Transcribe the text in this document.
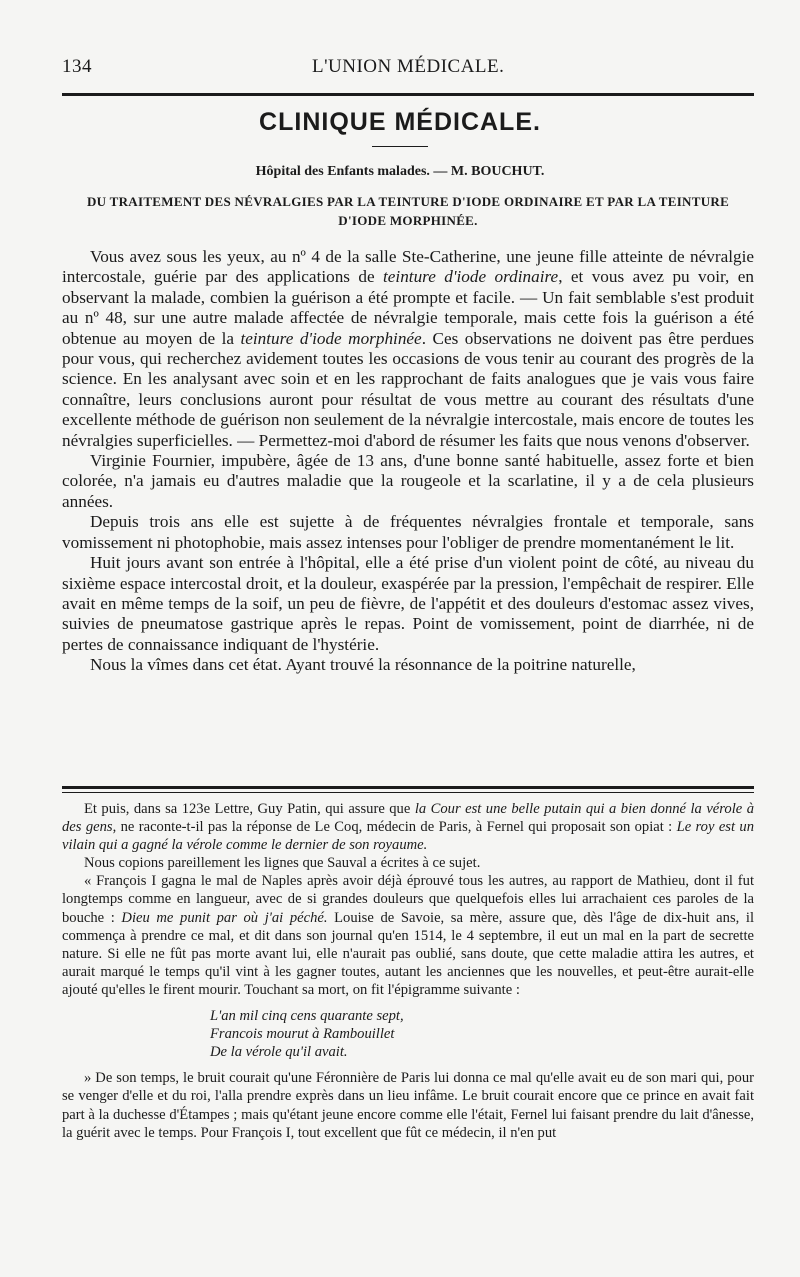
134	L'UNION MÉDICALE.
CLINIQUE MÉDICALE.
Hôpital des Enfants malades. — M. BOUCHUT.
DU TRAITEMENT DES NÉVRALGIES PAR LA TEINTURE D'IODE ORDINAIRE ET PAR LA TEINTURE D'IODE MORPHINÉE.

Vous avez sous les yeux, au nº 4 de la salle Ste-Catherine, une jeune fille atteinte de névralgie intercostale, guérie par des applications de teinture d'iode ordinaire, et vous avez pu voir, en observant la malade, combien la guérison a été prompte et facile. — Un fait semblable s'est produit au nº 48, sur une autre malade affectée de névralgie temporale, mais cette fois la guérison a été obtenue au moyen de la teinture d'iode morphinée. Ces observations ne doivent pas être perdues pour vous, qui recherchez avidement toutes les occasions de vous tenir au courant des progrès de la science. En les analysant avec soin et en les rapprochant de faits analogues que je vais vous faire connaître, leurs conclusions auront pour résultat de vous mettre au courant des résultats d'une excellente méthode de guérison non seulement de la névralgie intercostale, mais encore de toutes les névralgies superficielles. — Permettez-moi d'abord de résumer les faits que nous venons d'observer.

Virginie Fournier, impubère, âgée de 13 ans, d'une bonne santé habituelle, assez forte et bien colorée, n'a jamais eu d'autres maladie que la rougeole et la scarlatine, il y a de cela plusieurs années.

Depuis trois ans elle est sujette à de fréquentes névralgies frontale et temporale, sans vomissement ni photophobie, mais assez intenses pour l'obliger de prendre momentanément le lit.

Huit jours avant son entrée à l'hôpital, elle a été prise d'un violent point de côté, au niveau du sixième espace intercostal droit, et la douleur, exaspérée par la pression, l'empêchait de respirer. Elle avait en même temps de la soif, un peu de fièvre, de l'appétit et des douleurs d'estomac assez vives, suivies de pneumatose gastrique après le repas. Point de vomissement, point de diarrhée, ni de pertes de connaissance indiquant de l'hystérie.

Nous la vîmes dans cet état. Ayant trouvé la résonnance de la poitrine naturelle,

Et puis, dans sa 123e Lettre, Guy Patin, qui assure que la Cour est une belle putain qui a bien donné la vérole à des gens, ne raconte-t-il pas la réponse de Le Coq, médecin de Paris, à Fernel qui proposait son opiat : Le roy est un vilain qui a gagné la vérole comme le dernier de son royaume.

Nous copions pareillement les lignes que Sauval a écrites à ce sujet.

« François I gagna le mal de Naples après avoir déjà éprouvé tous les autres, au rapport de Mathieu, dont il fut longtemps comme en langueur, avec de si grandes douleurs que quelquefois elles lui arrachaient ces paroles de la bouche : Dieu me punit par où j'ai péché. Louise de Savoie, sa mère, assure que, dès l'âge de dix-huit ans, il commença à prendre ce mal, et dit dans son journal qu'en 1514, le 4 septembre, il eut un mal en la part de secrette nature. Si elle ne fût pas morte avant lui, elle n'aurait pas oublié, sans doute, que cette maladie attira les autres, et aurait marqué le temps qu'il vint à les gagner toutes, autant les anciennes que les nouvelles, et peut-être aurait-elle ajouté qu'elles le firent mourir. Touchant sa mort, on fit l'épigramme suivante :

L'an mil cinq cens quarante sept,

Francois mourut à Rambouillet

De la vérole qu'il avait.

» De son temps, le bruit courait qu'une Féronnière de Paris lui donna ce mal qu'elle avait eu de son mari qui, pour se venger d'elle et du roi, l'alla prendre exprès dans un lieu infâme. Le bruit courait encore que ce prince en avait fait part à la duchesse d'Étampes ; mais qu'étant jeune encore comme elle l'était, Fernel lui faisant prendre du lait d'ânesse, la guérit avec le temps. Pour François I, tout excellent que fût ce médecin, il n'en put
